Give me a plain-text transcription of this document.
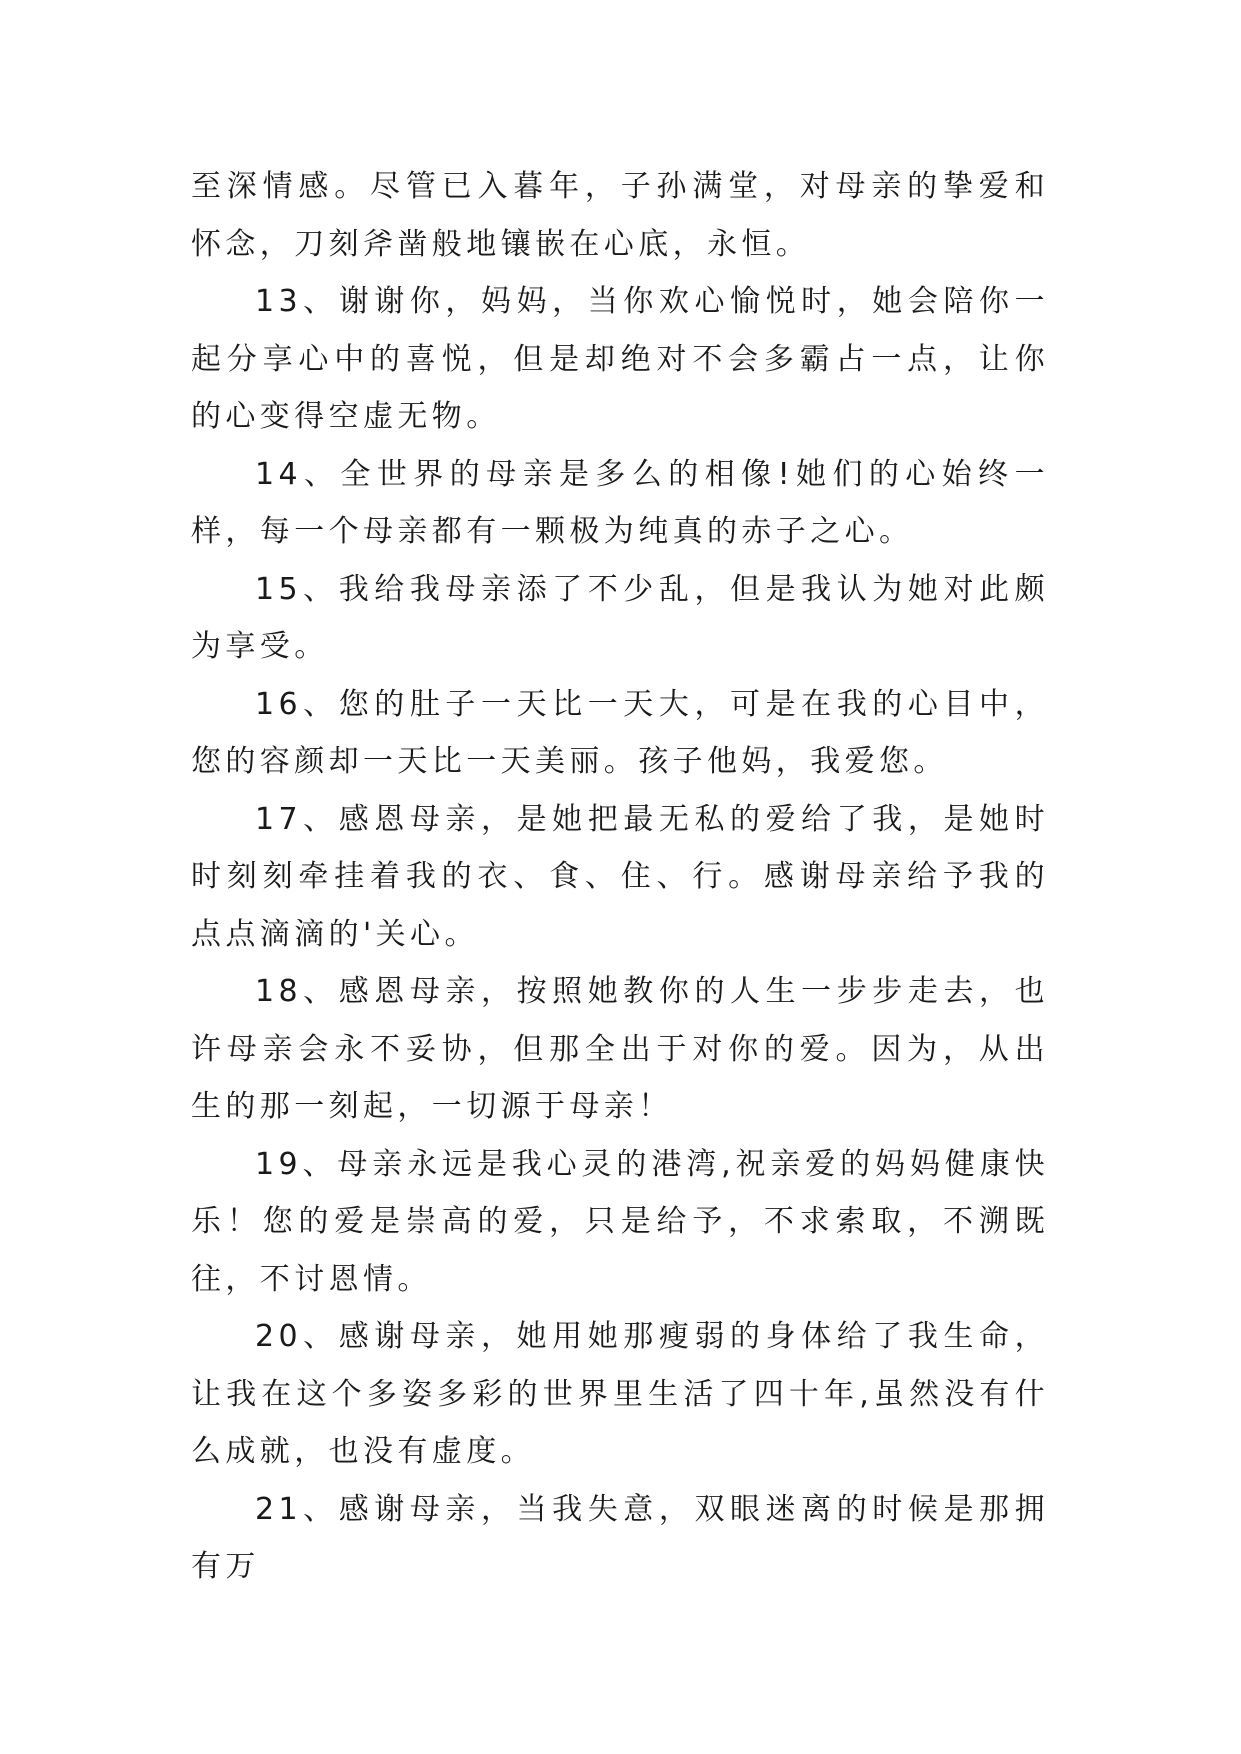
至深情感。尽管已入暮年，子孙满堂，对母亲的挚爱和怀念，刀刻斧凿般地镶嵌在心底，永恒。

13、谢谢你，妈妈，当你欢心愉悦时，她会陪你一起分享心中的喜悦，但是却绝对不会多霸占一点，让你的心变得空虚无物。

14、全世界的母亲是多么的相像!她们的心始终一样，每一个母亲都有一颗极为纯真的赤子之心。

15、我给我母亲添了不少乱，但是我认为她对此颇为享受。

16、您的肚子一天比一天大，可是在我的心目中，您的容颜却一天比一天美丽。孩子他妈，我爱您。

17、感恩母亲，是她把最无私的爱给了我，是她时时刻刻牵挂着我的衣、食、住、行。感谢母亲给予我的点点滴滴的'关心。

18、感恩母亲，按照她教你的人生一步步走去，也许母亲会永不妥协，但那全出于对你的爱。因为，从出生的那一刻起，一切源于母亲！

19、母亲永远是我心灵的港湾,祝亲爱的妈妈健康快乐！您的爱是崇高的爱，只是给予，不求索取，不溯既往，不讨恩情。

20、感谢母亲，她用她那瘦弱的身体给了我生命，让我在这个多姿多彩的世界里生活了四十年,虽然没有什么成就，也没有虚度。

21、感谢母亲，当我失意，双眼迷离的时候是那拥有万
